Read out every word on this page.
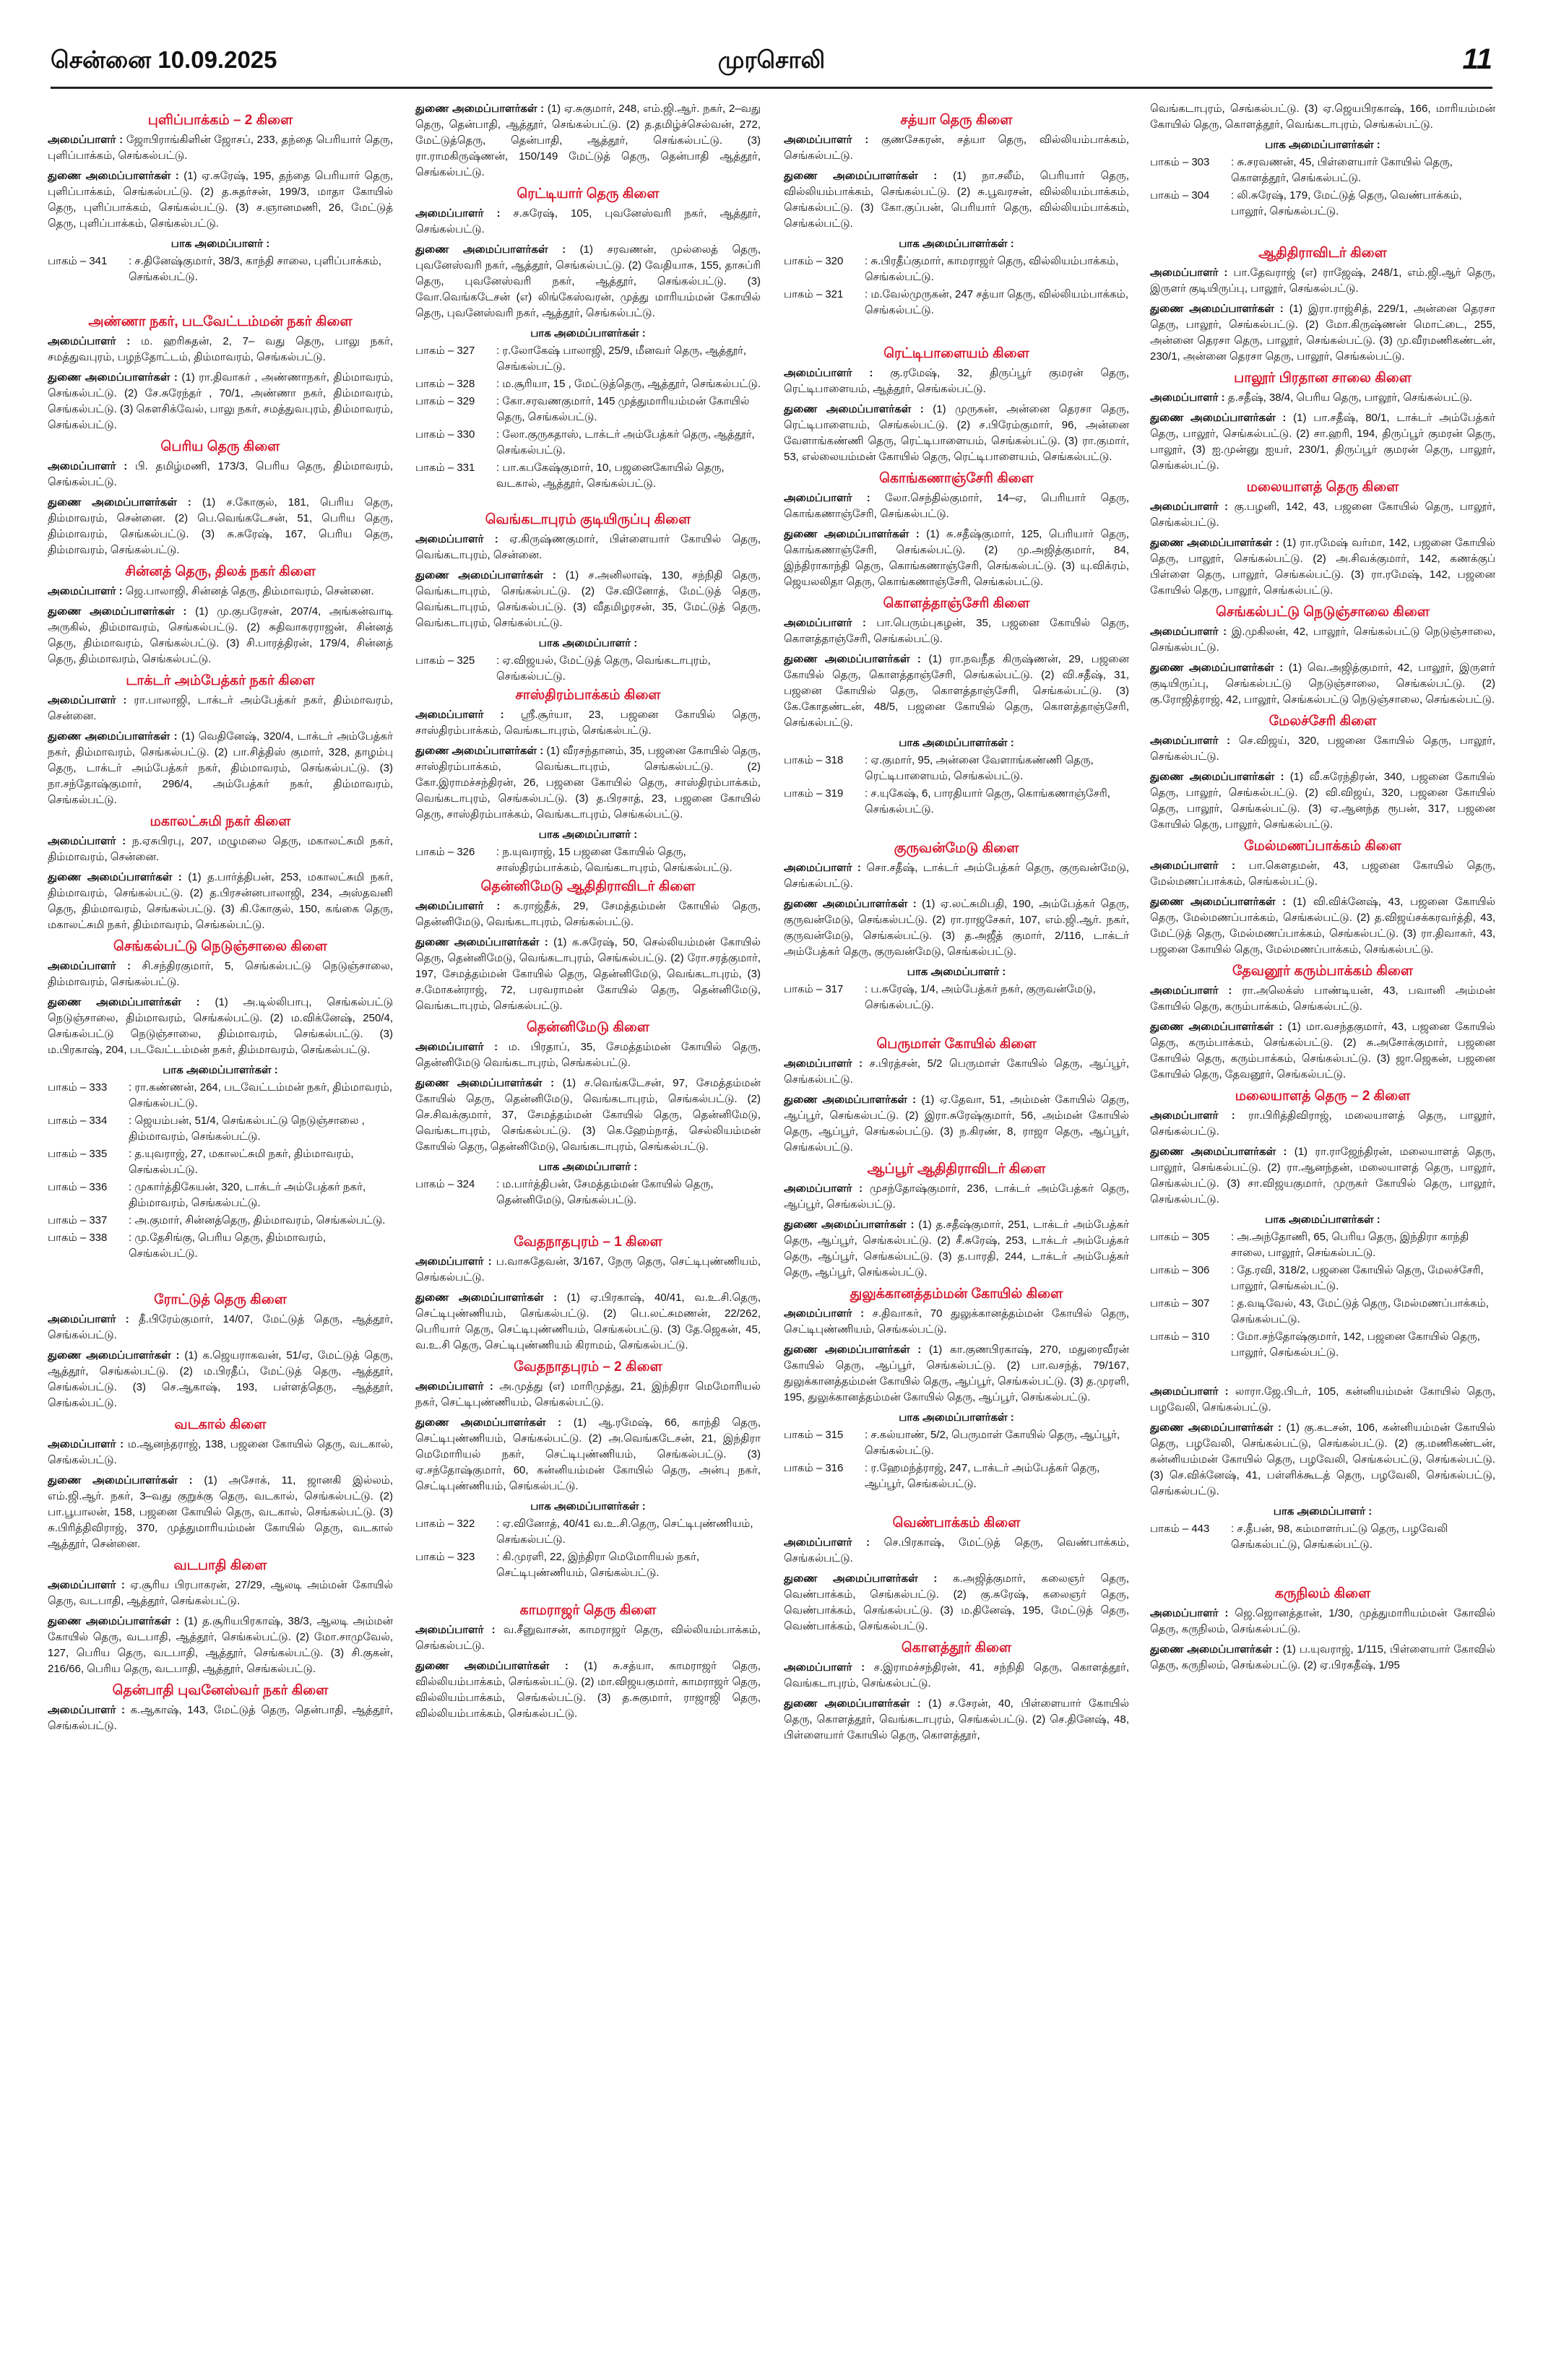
சென்னை 10.09.2025	முரசொலி	11
புளிப்பாக்கம் – 2 கிளை

அமைப்பாளர் : ஜோபிராங்கிளின் ஜோசப், 233, தந்தை பெரியார் தெரு, புளிப்பாக்கம், செங்கல்பட்டு.

துணை அமைப்பாளர்கள் : (1) ஏ.சுரேஷ், 195, தந்தை பெரியார் தெரு, புளிப்பாக்கம், செங்கல்பட்டு. (2) த.சுதர்சன், 199/3, மாதா கோயில் தெரு, புளிப்பாக்கம், செங்கல்பட்டு. (3) ச.ஞானமணி, 26, மேட்டுத் தெரு, புளிப்பாக்கம், செங்கல்பட்டு.

பாக அமைப்பாளர் :
பாகம் – 341	: ச.தினேஷ்குமார், 38/3, காந்தி சாலை, புளிப்பாக்கம், செங்கல்பட்டு.
அண்ணா நகர், படவேட்டம்மன் நகர் கிளை

அமைப்பாளர் : ம. ஹரிசுதன், 2, 7– வது தெரு, பாலு நகர், சமத்துவபுரம், பழந்தோட்டம், திம்மாவரம், செங்கல்பட்டு.

துணை அமைப்பாளர்கள் : (1) ரா.திவாகர் , அண்ணாநகர், திம்மாவரம், செங்கல்பட்டு. (2) சே.சுரேந்தர் , 70/1, அண்ணா நகர், திம்மாவரம், செங்கல்பட்டு. (3) கௌசிக்வேல், பாலு நகர், சமத்துவபுரம், திம்மாவரம், செங்கல்பட்டு.

பெரிய தெரு கிளை

அமைப்பாளர் : பி. தமிழ்மணி, 173/3, பெரிய தெரு, திம்மாவரம், செங்கல்பட்டு.

துணை அமைப்பாளர்கள் : (1) ச.கோகுல், 181, பெரிய தெரு, திம்மாவரம், சென்னை. (2) பெ.வெங்கடேசன், 51, பெரிய தெரு, திம்மாவரம், செங்கல்பட்டு. (3) சு.சுரேஷ், 167, பெரிய தெரு, திம்மாவரம், செங்கல்பட்டு.

சின்னத் தெரு, திலக் நகர் கிளை

அமைப்பாளர் : ஜெ.பாலாஜி, சின்னத் தெரு, திம்மாவரம், சென்னை.

துணை அமைப்பாளர்கள் : (1) மு.குபரேசன், 207/4, அங்கன்வாடி அருகில், திம்மாவரம், செங்கல்பட்டு. (2) சுதிவாகரராஜன், சின்னத் தெரு, திம்மாவரம், செங்கல்பட்டு. (3) சி.பாரத்திரன், 179/4, சின்னத் தெரு, திம்மாவரம், செங்கல்பட்டு.

டாக்டர் அம்பேத்கர் நகர் கிளை

அமைப்பாளர் : ரா.பாலாஜி, டாக்டர் அம்பேத்கர் நகர், திம்மாவரம், சென்னை.

துணை அமைப்பாளர்கள் : (1) வெதினேஷ், 320/4, டாக்டர் அம்பேத்கர் நகர், திம்மாவரம், செங்கல்பட்டு. (2) பா.சித்திஸ் குமார், 328, தாழம்பு தெரு, டாக்டர் அம்பேத்கர் நகர், திம்மாவரம், செங்கல்பட்டு. (3) நா.சந்தோஷ்குமார், 296/4, அம்பேத்கர் நகர், திம்மாவரம், செங்கல்பட்டு.

மகாலட்சுமி நகர் கிளை

அமைப்பாளர் : ந.ஏசுபிரபு, 207, மழுமலை தெரு, மகாலட்சுமி நகர், திம்மாவரம், சென்னை.

துணை அமைப்பாளர்கள் : (1) த.பார்த்திபன், 253, மகாலட்சுமி நகர், திம்மாவரம், செங்கல்பட்டு. (2) த.பிரசன்னபாலாஜி, 234, அஸ்தவனி தெரு, திம்மாவரம், செங்கல்பட்டு. (3) கி.கோகுல், 150, கங்கை தெரு, மகாலட்சுமி நகர், திம்மாவரம், செங்கல்பட்டு.

செங்கல்பட்டு நெடுஞ்சாலை கிளை

அமைப்பாளர் : சி.சந்திரகுமார், 5, செங்கல்பட்டு நெடுஞ்சாலை, திம்மாவரம், செங்கல்பட்டு.

துணை அமைப்பாளர்கள் : (1) அ.டில்லிபாபு, செங்கல்பட்டு நெடுஞ்சாலை, திம்மாவரம், செங்கல்பட்டு. (2) ம.விக்னேஷ், 250/4, செங்கல்பட்டு நெடுஞ்சாலை, திம்மாவரம், செங்கல்பட்டு. (3) ம.பிரகாஷ், 204, படவேட்டம்மன் நகர், திம்மாவரம், செங்கல்பட்டு.

பாக அமைப்பாளர்கள் :
பாகம் – 333	: ரா.கண்ணன், 264, படவேட்டம்மன் நகர், திம்மாவரம், செங்கல்பட்டு.
பாகம் – 334	: ஜெயம்பன், 51/4, செங்கல்பட்டு நெடுஞ்சாலை , திம்மாவரம், செங்கல்பட்டு.
பாகம் – 335	: த.யுவராஜ், 27, மகாலட்சுமி நகர், திம்மாவரம், செங்கல்பட்டு.
பாகம் – 336	: முகார்த்திகேயன், 320, டாக்டர் அம்பேத்கர் நகர், திம்மாவரம், செங்கல்பட்டு.
பாகம் – 337	: அ.குமார், சின்னத்தெரு, திம்மாவரம், செங்கல்பட்டு.
பாகம் – 338	: மு.தேசிங்கு, பெரிய தெரு, திம்மாவரம், செங்கல்பட்டு.
ரோட்டுத் தெரு கிளை

அமைப்பாளர் : தீ.பிரேம்குமார், 14/07, மேட்டுத் தெரு, ஆத்தூர், செங்கல்பட்டு.

துணை அமைப்பாளர்கள் : (1) க.ஜெயராகவன், 51/ஏ, மேட்டுத் தெரு, ஆத்தூர், செங்கல்பட்டு. (2) ம.பிரதீப், மேட்டுத் தெரு, ஆத்தூர், செங்கல்பட்டு. (3) செ.ஆகாஷ், 193, பள்ளத்தெரு, ஆத்தூர், செங்கல்பட்டு.

வடகால் கிளை

அமைப்பாளர் : ம.ஆனந்தராஜ், 138, பஜனை கோயில் தெரு, வடகால், செங்கல்பட்டு.

துணை அமைப்பாளர்கள் : (1) அசோக், 11, ஜானகி இல்லம், எம்.ஜி.ஆர். நகர், 3–வது குறுக்கு தெரு, வடகால், செங்கல்பட்டு. (2) பா.பூபாலன், 158, பஜனை கோயில் தெரு, வடகால், செங்கல்பட்டு. (3) சு.பிரித்திவிராஜ், 370, முத்துமாரியம்மன் கோயில் தெரு, வடகால் ஆத்தூர், சென்னை.

வடபாதி கிளை

அமைப்பாளர் : ஏ.சூரிய பிரபாகரன், 27/29, ஆலடி அம்மன் கோயில் தெரு, வடபாதி, ஆத்தூர், செங்கல்பட்டு.

துணை அமைப்பாளர்கள் : (1) த.சூரியபிரகாஷ், 38/3, ஆலடி அம்மன் கோயில் தெரு, வடபாதி, ஆத்தூர், செங்கல்பட்டு. (2) மோ.சாமுவேல், 127, பெரிய தெரு, வடபாதி, ஆத்தூர், செங்கல்பட்டு. (3) சி.குகன், 216/66, பெரிய தெரு, வடபாதி, ஆத்தூர், செங்கல்பட்டு.

தென்பாதி புவனேஸ்வர் நகர் கிளை

அமைப்பாளர் : க.ஆகாஷ், 143, மேட்டுத் தெரு, தென்பாதி, ஆத்தூர், செங்கல்பட்டு.

துணை அமைப்பாளர்கள் : (1) ஏ.சுகுமார், 248, எம்.ஜி.ஆர். நகர், 2–வது தெரு, தென்பாதி, ஆத்தூர், செங்கல்பட்டு. (2) த.தமிழ்ச்செல்வன், 272, மேட்டுத்தெரு, தென்பாதி, ஆத்தூர், செங்கல்பட்டு. (3) ரா.ராமகிருஷ்ணன், 150/149 மேட்டுத் தெரு, தென்பாதி ஆத்தூர், செங்கல்பட்டு.

ரெட்டியார் தெரு கிளை

அமைப்பாளர் : ச.சுரேஷ், 105, புவனேஸ்வரி நகர், ஆத்தூர், செங்கல்பட்டு.

துணை அமைப்பாளர்கள் : (1) சரவணன், முல்லைத் தெரு, புவனேஸ்வரி நகர், ஆத்தூர், செங்கல்பட்டு. (2) வேதியாசு, 155, தாசுப்ரி தெரு, புவனேஸ்வரி நகர், ஆத்தூர், செங்கல்பட்டு. (3) வோ.வெங்கடேசன் (எ) லிங்கேஸ்வரன், முத்து மாரியம்மன் கோயில் தெரு, புவனேஸ்வரி நகர், ஆத்தூர், செங்கல்பட்டு.

பாக அமைப்பாளர்கள் :
பாகம் – 327	: ர.லோகேஷ் பாலாஜி, 25/9, மீனவர் தெரு, ஆத்தூர், செங்கல்பட்டு.
பாகம் – 328	: ம.சூரியா, 15 , மேட்டுத்தெரு, ஆத்தூர், செங்கல்பட்டு.
பாகம் – 329	: கோ.சரவணகுமார், 145 முத்துமாரியம்மன் கோயில் தெரு, செங்கல்பட்டு.
பாகம் – 330	: லோ.குருகதாஸ், டாக்டர் அம்பேத்கர் தெரு, ஆத்தூர், செங்கல்பட்டு.
பாகம் – 331	: பா.கபகேஷ்குமார், 10, பஜனைகோயில் தெரு, வடகால், ஆத்தூர், செங்கல்பட்டு.
வெங்கடாபுரம் குடியிருப்பு கிளை

அமைப்பாளர் : ஏ.கிருஷ்ணகுமார், பிள்ளையார் கோயில் தெரு, வெங்கடாபுரம், சென்னை.

துணை அமைப்பாளர்கள் : (1) ச.அனிலாஷ், 130, சந்நிதி தெரு, வெங்கடாபுரம், செங்கல்பட்டு. (2) சே.வினோத், மேட்டுத் தெரு, வெங்கடாபுரம், செங்கல்பட்டு. (3) வீதமிழரசன், 35, மேட்டுத் தெரு, வெங்கடாபுரம், செங்கல்பட்டு.

பாக அமைப்பாளர் :
பாகம் – 325	: ஏ.விஜயல், மேட்டுத் தெரு, வெங்கடாபுரம், செங்கல்பட்டு.
சாஸ்திரம்பாக்கம் கிளை

அமைப்பாளர் : ஸ்ரீ.சூர்யா, 23, பஜனை கோயில் தெரு, சாஸ்திரம்பாக்கம், வெங்கடாபுரம், செங்கல்பட்டு.

துணை அமைப்பாளர்கள் : (1) வீரசந்தானம், 35, பஜனை கோயில் தெரு, சாஸ்திரம்பாக்கம், வெங்கடாபுரம், செங்கல்பட்டு. (2) கோ.இராமச்சந்திரன், 26, பஜனை கோயில் தெரு, சாஸ்திரம்பாக்கம், வெங்கடாபுரம், செங்கல்பட்டு. (3) த.பிரசாத், 23, பஜனை கோயில் தெரு, சாஸ்திரம்பாக்கம், வெங்கடாபுரம், செங்கல்பட்டு.

பாக அமைப்பாளர் :
பாகம் – 326	: ந.யுவராஜ், 15 பஜனை கோயில் தெரு, சாஸ்திரம்பாக்கம், வெங்கடாபுரம், செங்கல்பட்டு.
தென்னிமேடு ஆதிதிராவிடர் கிளை

அமைப்பாளர் : க.ராஜ்தீக், 29, சேமத்தம்மன் கோயில் தெரு, தென்னிமேடு, வெங்கடாபுரம், செங்கல்பட்டு.

துணை அமைப்பாளர்கள் : (1) க.சுரேஷ், 50, செல்லியம்மன் கோயில் தெரு, தென்னிமேடு, வெங்கடாபுரம், செங்கல்பட்டு. (2) ரோ.சரத்குமார், 197, சேமத்தம்மன் கோயில் தெரு, தென்னிமேடு, வெங்கடாபுரம், (3) ச.மோகன்ராஜ், 72, பரவராமன் கோயில் தெரு, தென்னிமேடு, வெங்கடாபுரம், செங்கல்பட்டு.

தென்னிமேடு கிளை

அமைப்பாளர் : ம. பிரதாப், 35, சேமத்தம்மன் கோயில் தெரு, தென்னிமேடு வெங்கடாபுரம், செங்கல்பட்டு.

துணை அமைப்பாளர்கள் : (1) ச.வெங்கடேசன், 97, சேமத்தம்மன் கோயில் தெரு, தென்னிமேடு, வெங்கடாபுரம், செங்கல்பட்டு. (2) செ.சிவக்குமார், 37, சேமத்தம்மன் கோயில் தெரு, தென்னிமேடு, வெங்கடாபுரம், செங்கல்பட்டு. (3) கெ.ஹேம்நாத், செல்லியம்மன் கோயில் தெரு, தென்னிமேடு, வெங்கடாபுரம், செங்கல்பட்டு.

பாக அமைப்பாளர் :
பாகம் – 324	: ம.பார்த்திபன், சேமத்தம்மன் கோயில் தெரு, தென்னிமேடு, செங்கல்பட்டு.
வேதநாதபுரம் – 1 கிளை

அமைப்பாளர் : ப.வாசுதேவன், 3/167, நேரு தெரு, செட்டிபுண்ணியம், செங்கல்பட்டு.

துணை அமைப்பாளர்கள் : (1) ஏ.பிரகாஷ், 40/41, வ.உ.சி.தெரு, செட்டிபுண்ணியம், செங்கல்பட்டு. (2) பெ.லட்சுமணன், 22/262, பெரியார் தெரு, செட்டிபுண்ணியம், செங்கல்பட்டு. (3) தே.ஜெகன், 45, வ.உ.சி தெரு, செட்டிபுண்ணியம் கிராமம், செங்கல்பட்டு.

வேதநாதபுரம் – 2 கிளை

அமைப்பாளர் : அ.முத்து (எ) மாரிமுத்து, 21, இந்திரா மெமோரியல் நகர், செட்டிபுண்ணியம், செங்கல்பட்டு.

துணை அமைப்பாளர்கள் : (1) ஆ.ரமேஷ், 66, காந்தி தெரு, செட்டிபுண்ணியம், செங்கல்பட்டு. (2) அ.வெங்கடேசன், 21, இந்திரா மெமோரியல் நகர், செட்டிபுண்ணியம், செங்கல்பட்டு. (3) ஏ.சந்தோஷ்குமார், 60, கன்னியம்மன் கோயில் தெரு, அன்பு நகர், செட்டிபுண்ணியம், செங்கல்பட்டு.

பாக அமைப்பாளர்கள் :
பாகம் – 322	: ஏ.வினோத், 40/41 வ.உ.சி.தெரு, செட்டிபுண்ணியம், செங்கல்பட்டு.
பாகம் – 323	: கி.முரளி, 22, இந்திரா மெமோரியல் நகர், செட்டிபுண்ணியம், செங்கல்பட்டு.
காமராஜர் தெரு கிளை

அமைப்பாளர் : வ.சீனுவாசன், காமராஜர் தெரு, வில்லியம்பாக்கம், செங்கல்பட்டு.

துணை அமைப்பாளர்கள் : (1) சு.சத்யா, காமராஜர் தெரு, வில்லியம்பாக்கம், செங்கல்பட்டு. (2) மா.விஜயகுமார், காமராஜர் தெரு, வில்லியம்பாக்கம், செங்கல்பட்டு. (3) த.சுகுமார், ராஜாஜி தெரு, வில்லியம்பாக்கம், செங்கல்பட்டு.

சத்யா தெரு கிளை

அமைப்பாளர் : குணசேகரன், சத்யா தெரு, வில்லியம்பாக்கம், செங்கல்பட்டு.

துணை அமைப்பாளர்கள் : (1) நா.சலீம், பெரியார் தெரு, வில்லியம்பாக்கம், செங்கல்பட்டு. (2) சு.பூவரசன், வில்லியம்பாக்கம், செங்கல்பட்டு. (3) கோ.குப்பன், பெரியார் தெரு, வில்லியம்பாக்கம், செங்கல்பட்டு.

பாக அமைப்பாளர்கள் :
பாகம் – 320	: சு.பிரதீப்குமார், காமராஜர் தெரு, வில்லியம்பாக்கம், செங்கல்பட்டு.
பாகம் – 321	: ம.வேல்முருகன், 247 சத்யா தெரு, வில்லியம்பாக்கம், செங்கல்பட்டு.
ரெட்டிபாளையம் கிளை

அமைப்பாளர் : கு.ரமேஷ், 32, திருப்பூர் குமரன் தெரு, ரெட்டிபாளையம், ஆத்தூர், செங்கல்பட்டு.

துணை அமைப்பாளர்கள் : (1) முருகன், அன்னை தெரசா தெரு, ரெட்டிபாளையம், செங்கல்பட்டு. (2) ச.பிரேம்குமார், 96, அன்னை வேளாங்கண்ணி தெரு, ரெட்டிபாளையம், செங்கல்பட்டு. (3) ரா.குமார், 53, எல்லையம்மன் கோயில் தெரு, ரெட்டிபாளையம், செங்கல்பட்டு.

கொங்கணாஞ்சேரி கிளை

அமைப்பாளர் : லோ.செந்தில்குமார், 14–ஏ, பெரியார் தெரு, கொங்கணாஞ்சேரி, செங்கல்பட்டு.

துணை அமைப்பாளர்கள் : (1) சு.சதீஷ்குமார், 125, பெரியார் தெரு, கொங்கணாஞ்சேரி, செங்கல்பட்டு. (2) மு.அஜித்குமார், 84, இந்திராகாந்தி தெரு, கொங்கணாஞ்சேரி, செங்கல்பட்டு. (3) யு.விக்ரம், ஜெயலலிதா தெரு, கொங்கணாஞ்சேரி, செங்கல்பட்டு.

கொளத்தாஞ்சேரி கிளை

அமைப்பாளர் : பா.பெரும்புகழன், 35, பஜனை கோயில் தெரு, கொளத்தாஞ்சேரி, செங்கல்பட்டு.

துணை அமைப்பாளர்கள் : (1) ரா.நவநீத கிருஷ்ணன், 29, பஜனை கோயில் தெரு, கொளத்தாஞ்சேரி, செங்கல்பட்டு. (2) வி.சதீஷ், 31, பஜனை கோயில் தெரு, கொளத்தாஞ்சேரி, செங்கல்பட்டு. (3) கே.கோதண்டன், 48/5, பஜனை கோயில் தெரு, கொளத்தாஞ்சேரி, செங்கல்பட்டு.

பாக அமைப்பாளர்கள் :
பாகம் – 318	: ஏ.குமார், 95, அன்னை வேளாங்கண்ணி தெரு, ரெட்டிபாளையம், செங்கல்பட்டு.
பாகம் – 319	: ச.யுகேஷ், 6, பாரதியார் தெரு, கொங்கணாஞ்சேரி, செங்கல்பட்டு.
குருவன்மேடு கிளை

அமைப்பாளர் : சொ.சதீஷ், டாக்டர் அம்பேத்கர் தெரு, குருவன்மேடு, செங்கல்பட்டு.

துணை அமைப்பாளர்கள் : (1) ஏ.லட்சுமிபதி, 190, அம்பேத்கர் தெரு, குருவன்மேடு, செங்கல்பட்டு. (2) ரா.ராஜசேகர், 107, எம்.ஜி.ஆர். நகர், குருவன்மேடு, செங்கல்பட்டு. (3) த.அஜீத் குமார், 2/116, டாக்டர் அம்பேத்கர் தெரு, குருவன்மேடு, செங்கல்பட்டு.

பாக அமைப்பாளர் :
பாகம் – 317	: ப.சுரேஷ், 1/4, அம்பேத்கர் நகர், குருவன்மேடு, செங்கல்பட்டு.
பெருமாள் கோயில் கிளை

அமைப்பாளர் : ச.பிரத்சன், 5/2 பெருமாள் கோயில் தெரு, ஆப்பூர், செங்கல்பட்டு.

துணை அமைப்பாளர்கள் : (1) ஏ.தேவா, 51, அம்மன் கோயில் தெரு, ஆப்பூர், செங்கல்பட்டு. (2) இரா.சுரேஷ்குமார், 56, அம்மன் கோயில் தெரு, ஆப்பூர், செங்கல்பட்டு. (3) ந.கிரண், 8, ராஜா தெரு, ஆப்பூர், செங்கல்பட்டு.

ஆப்பூர் ஆதிதிராவிடர் கிளை

அமைப்பாளர் : முசந்தோஷ்குமார், 236, டாக்டர் அம்பேத்கர் தெரு, ஆப்பூர், செங்கல்பட்டு.

துணை அமைப்பாளர்கள் : (1) த.சதீஷ்குமார், 251, டாக்டர் அம்பேத்கர் தெரு, ஆப்பூர், செங்கல்பட்டு. (2) சீ.சுரேஷ், 253, டாக்டர் அம்பேத்கர் தெரு, ஆப்பூர், செங்கல்பட்டு. (3) த.பாரதி, 244, டாக்டர் அம்பேத்கர் தெரு, ஆப்பூர், செங்கல்பட்டு.

துலுக்கானத்தம்மன் கோயில் கிளை

அமைப்பாளர் : ச.திவாகர், 70 துலுக்கானத்தம்மன் கோயில் தெரு, செட்டிபுண்ணியம், செங்கல்பட்டு.

துணை அமைப்பாளர்கள் : (1) கா.குணபிரகாஷ், 270, மதுரைவீரன் கோயில் தெரு, ஆப்பூர், செங்கல்பட்டு. (2) பா.வசந்த், 79/167, துலுக்கானத்தம்மன் கோயில் தெரு, ஆப்பூர், செங்கல்பட்டு. (3) த.முரளி, 195, துலுக்கானத்தம்மன் கோயில் தெரு, ஆப்பூர், செங்கல்பட்டு.

பாக அமைப்பாளர்கள் :
பாகம் – 315	: ச.கல்யாண், 5/2, பெருமாள் கோயில் தெரு, ஆப்பூர், செங்கல்பட்டு.
பாகம் – 316	: ர.ஹேமந்த்ராஜ், 247, டாக்டர் அம்பேத்கர் தெரு, ஆப்பூர், செங்கல்பட்டு.
வெண்பாக்கம் கிளை

அமைப்பாளர் : செ.பிரகாஷ், மேட்டுத் தெரு, வெண்பாக்கம், செங்கல்பட்டு.

துணை அமைப்பாளர்கள் : க.அஜித்குமார், கலைஞர் தெரு, வெண்பாக்கம், செங்கல்பட்டு. (2) கு.சுரேஷ், கலைஞர் தெரு, வெண்பாக்கம், செங்கல்பட்டு. (3) ம.தினேஷ், 195, மேட்டுத் தெரு, வெண்பாக்கம், செங்கல்பட்டு.

கொளத்தூர் கிளை

அமைப்பாளர் : ச.இராமச்சந்திரன், 41, சந்நிதி தெரு, கொளத்தூர், வெங்கடாபுரம், செங்கல்பட்டு.

துணை அமைப்பாளர்கள் : (1) ச.சேரன், 40, பிள்ளையார் கோயில் தெரு, கொளத்தூர், வெங்கடாபுரம், செங்கல்பட்டு. (2) செ.தினேஷ், 48, பிள்ளையார் கோயில் தெரு, கொளத்தூர்,

வெங்கடாபுரம், செங்கல்பட்டு. (3) ஏ.ஜெயபிரகாஷ், 166, மாரியம்மன் கோயில் தெரு, கொளத்தூர், வெங்கடாபுரம், செங்கல்பட்டு.

பாக அமைப்பாளர்கள் :
பாகம் – 303	: சு.சரவணன், 45, பிள்ளையார் கோயில் தெரு, கொளத்தூர், செங்கல்பட்டு.
பாகம் – 304	: லி.சுரேஷ், 179, மேட்டுத் தெரு, வெண்பாக்கம், பாலூர், செங்கல்பட்டு.
ஆதிதிராவிடர் கிளை

அமைப்பாளர் : பா.தேவராஜ் (எ) ராஜேஷ், 248/1, எம்.ஜி.ஆர் தெரு, இருளர் குடியிருப்பு, பாலூர், செங்கல்பட்டு.

துணை அமைப்பாளர்கள் : (1) இரா.ராஜ்சித், 229/1, அன்னை தெரசா தெரு, பாலூர், செங்கல்பட்டு. (2) மோ.கிருஷ்ணன் மொட்டை, 255, அன்னை தெரசா தெரு, பாலூர், செங்கல்பட்டு. (3) மு.வீரமணிகண்டன், 230/1, அன்னை தெரசா தெரு, பாலூர், செங்கல்பட்டு.

பாலூர் பிரதான சாலை கிளை

அமைப்பாளர் : த.சதீஷ், 38/4, பெரிய தெரு, பாலூர், செங்கல்பட்டு.

துணை அமைப்பாளர்கள் : (1) பா.சதீஷ், 80/1, டாக்டர் அம்பேத்கர் தெரு, பாலூர், செங்கல்பட்டு. (2) சா.ஹரி, 194, திருப்பூர் குமரன் தெரு, பாலூர், (3) ஐ.முன்னு ஐயர், 230/1, திருப்பூர் குமரன் தெரு, பாலூர், செங்கல்பட்டு.

மலையாளத் தெரு கிளை

அமைப்பாளர் : கு.பழனி, 142, 43, பஜனை கோயில் தெரு, பாலூர், செங்கல்பட்டு.

துணை அமைப்பாளர்கள் : (1) ரா.ரமேஷ் வர்மா, 142, பஜனை கோயில் தெரு, பாலூர், செங்கல்பட்டு. (2) அ.சிவக்குமார், 142, கணக்குப் பிள்ளை தெரு, பாலூர், செங்கல்பட்டு. (3) ரா.ரமேஷ், 142, பஜனை கோயில் தெரு, பாலூர், செங்கல்பட்டு.

செங்கல்பட்டு நெடுஞ்சாலை கிளை

அமைப்பாளர் : இ.முகிலன், 42, பாலூர், செங்கல்பட்டு நெடுஞ்சாலை, செங்கல்பட்டு.

துணை அமைப்பாளர்கள் : (1) வெ.அஜித்குமார், 42, பாலூர், இருளர் குடியிருப்பு, செங்கல்பட்டு நெடுஞ்சாலை, செங்கல்பட்டு. (2) கு.ரோஜித்ராஜ், 42, பாலூர், செங்கல்பட்டு நெடுஞ்சாலை, செங்கல்பட்டு.

மேலச்சேரி கிளை

அமைப்பாளர் : செ.விஜய், 320, பஜனை கோயில் தெரு, பாலூர், செங்கல்பட்டு.

துணை அமைப்பாளர்கள் : (1) வீ.சுரேந்திரன், 340, பஜனை கோயில் தெரு, பாலூர், செங்கல்பட்டு. (2) வி.விஜய், 320, பஜனை கோயில் தெரு, பாலூர், செங்கல்பட்டு. (3) ஏ.ஆனந்த ரூபன், 317, பஜனை கோயில் தெரு, பாலூர், செங்கல்பட்டு.

மேல்மணப்பாக்கம் கிளை

அமைப்பாளர் : பா.கௌதமன், 43, பஜனை கோயில் தெரு, மேல்மணப்பாக்கம், செங்கல்பட்டு.

துணை அமைப்பாளர்கள் : (1) வி.விக்னேஷ், 43, பஜனை கோயில் தெரு, மேல்மணப்பாக்கம், செங்கல்பட்டு. (2) த.விஜய்சக்கரவர்த்தி, 43, மேட்டுத் தெரு, மேல்மணப்பாக்கம், செங்கல்பட்டு. (3) ரா.திவாகர், 43, பஜனை கோயில் தெரு, மேல்மணப்பாக்கம், செங்கல்பட்டு.

தேவனூர் கரும்பாக்கம் கிளை

அமைப்பாளர் : ரா.அலெக்ஸ் பாண்டியன், 43, பவானி அம்மன் கோயில் தெரு, கரும்பாக்கம், செங்கல்பட்டு.

துணை அமைப்பாளர்கள் : (1) மா.வசந்தகுமார், 43, பஜனை கோயில் தெரு, கரும்பாக்கம், செங்கல்பட்டு. (2) சு.அசோக்குமார், பஜனை கோயில் தெரு, கரும்பாக்கம், செங்கல்பட்டு. (3) ஜா.ஜெகன், பஜனை கோயில் தெரு, தேவனூர், செங்கல்பட்டு.

மலையாளத் தெரு – 2 கிளை

அமைப்பாளர் : ரா.பிரித்திவிராஜ், மலையாளத் தெரு, பாலூர், செங்கல்பட்டு.

துணை அமைப்பாளர்கள் : (1) ரா.ராஜேந்திரன், மலையாளத் தெரு, பாலூர், செங்கல்பட்டு. (2) ரா.ஆனந்தன், மலையாளத் தெரு, பாலூர், செங்கல்பட்டு. (3) சா.விஜயகுமார், முருகர் கோயில் தெரு, பாலூர், செங்கல்பட்டு.

பாக அமைப்பாளர்கள் :
பாகம் – 305	: அ.அந்தோணி, 65, பெரிய தெரு, இந்திரா காந்தி சாலை, பாலூர், செங்கல்பட்டு.
பாகம் – 306	: தே.ரவி, 318/2, பஜனை கோயில் தெரு, மேலச்சேரி, பாலூர், செங்கல்பட்டு.
பாகம் – 307	: த.வடிவேல், 43, மேட்டுத் தெரு, மேல்மணப்பாக்கம், செங்கல்பட்டு.
பாகம் – 310	: மோ.சந்தோஷ்குமார், 142, பஜனை கோயில் தெரு, பாலூர், செங்கல்பட்டு.

அமைப்பாளர் : லாரா.ஜே.பிடர், 105, கன்னியம்மன் கோயில் தெரு, பழவேலி, செங்கல்பட்டு.

துணை அமைப்பாளர்கள் : (1) கு.கடசன், 106, கன்னியம்மன் கோயில் தெரு, பழவேலி, செங்கல்பட்டு, செங்கல்பட்டு. (2) கு.மணிகண்டன், கன்னியம்மன் கோயில் தெரு, பழவேலி, செங்கல்பட்டு, செங்கல்பட்டு. (3) செ.விக்னேஷ், 41, பள்ளிக்கூடத் தெரு, பழவேலி, செங்கல்பட்டு, செங்கல்பட்டு.

பாக அமைப்பாளர் :
பாகம் – 443	: ச.தீபன், 98, கம்மாளர்பட்டு தெரு, பழவேலி செங்கல்பட்டு, செங்கல்பட்டு.
கருநிலம் கிளை

அமைப்பாளர் : ஜெ.ஜொனத்தான், 1/30, முத்துமாரியம்மன் கோவில் தெரு, கருநிலம், செங்கல்பட்டு.

துணை அமைப்பாளர்கள் : (1) ப.யுவராஜ், 1/115, பிள்ளையார் கோவில் தெரு, கருநிலம், செங்கல்பட்டு. (2) ஏ.பிரகதீஷ், 1/95
